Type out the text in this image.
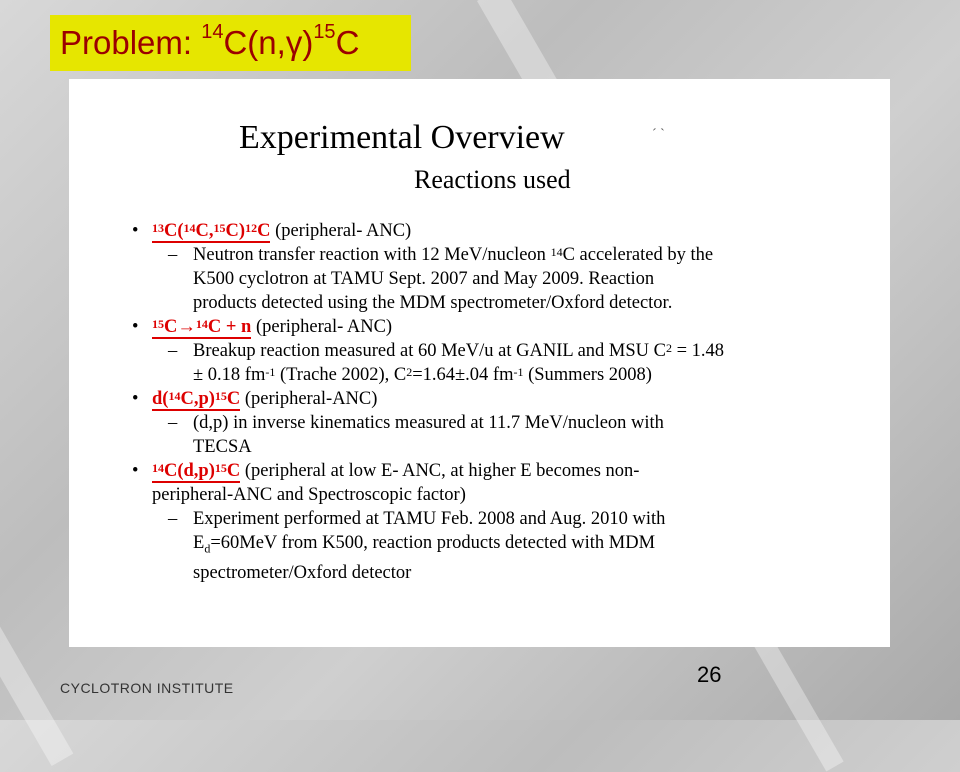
Problem: $^{14}C(n,\gamma)^{15}C$
Experimental Overview	´ `
Reactions used

• $^{13}C(^{14}C,^{15}C)^{12}C$ (peripheral- ANC)

– Neutron transfer reaction with 12 MeV/nucleon $^{14}$C accelerated by the

K500 cyclotron at TAMU Sept. 2007 and May 2009. Reaction

products detected using the MDM spectrometer/Oxford detector.

• $^{15}$C→$^{14}$C + n (peripheral- ANC)

– Breakup reaction measured at 60 MeV/u at GANIL and MSU $C^2 = 1.48$

± 0.18 $fm^{-1}$ (Trache 2002), $C^2=1.64\pm.04$ $fm^{-1}$ (Summers 2008)

• $d(^{14}C,p)^{15}C$ (peripheral-ANC)

– (d,p) in inverse kinematics measured at 11.7 MeV/nucleon with

TECSA

• $^{14}C(d,p)^{15}C$ (peripheral at low E- ANC, at higher E becomes non-

peripheral-ANC and Spectroscopic factor)

– Experiment performed at TAMU Feb. 2008 and Aug. 2010 with

$E_d=60MeV$ from K500, reaction products detected with MDM

spectrometer/Oxford detector

26
CYCLOTRON INSTITUTE
